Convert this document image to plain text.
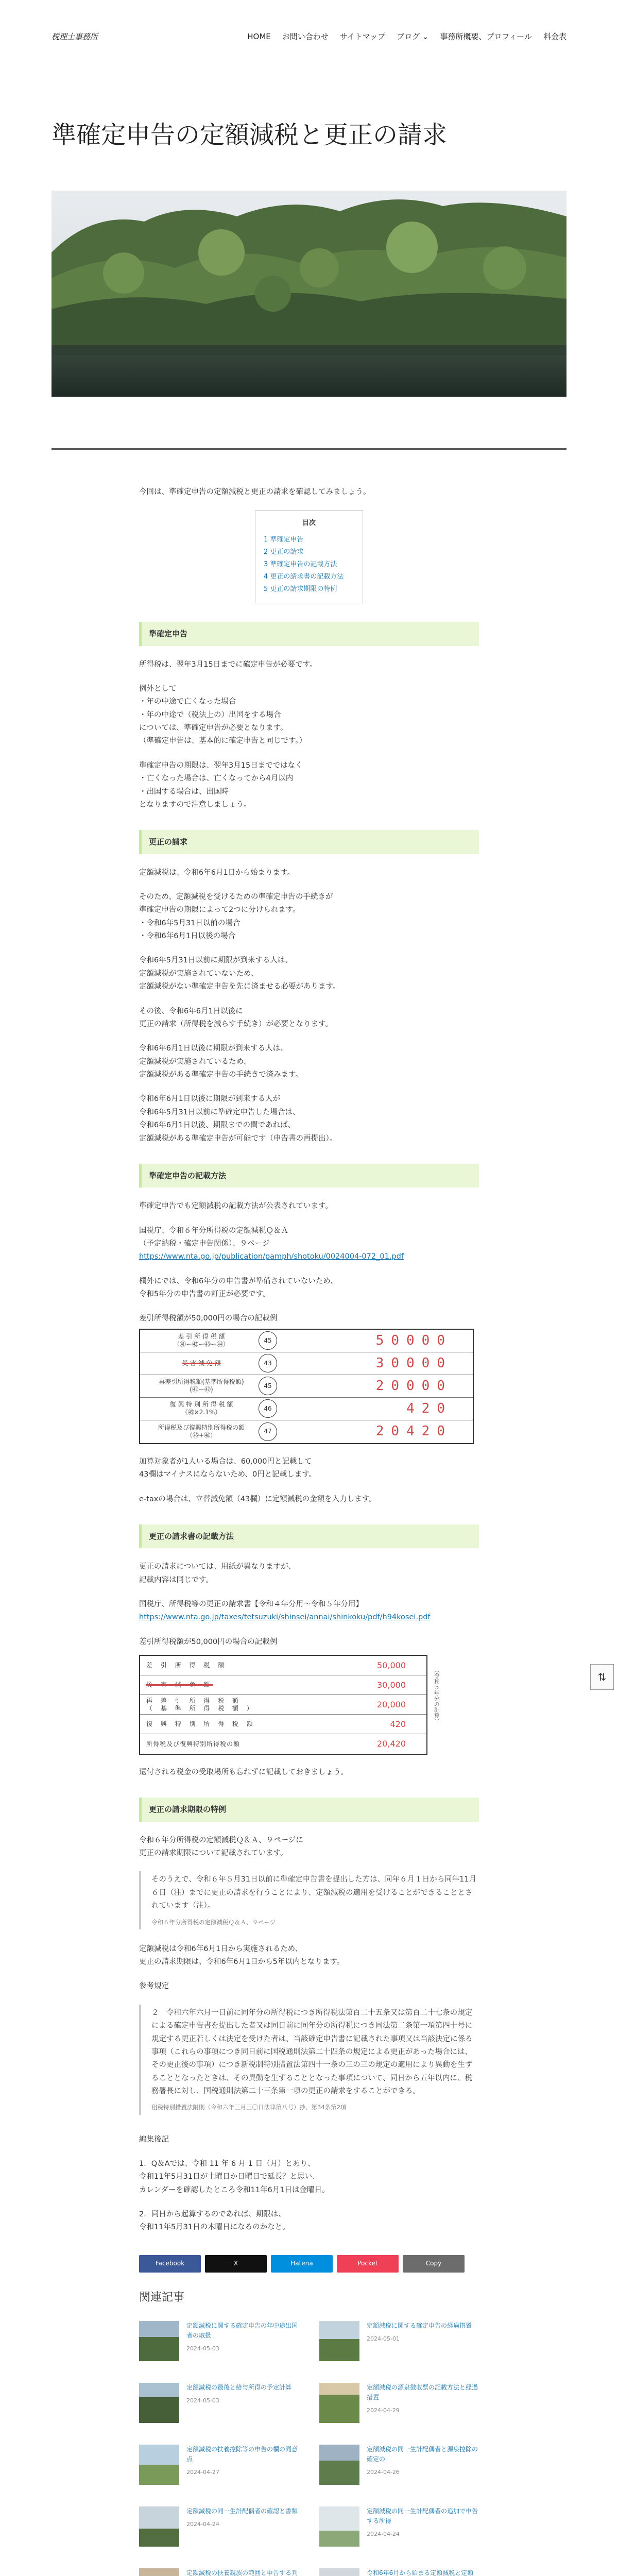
税理士事務所	HOME お問い合わせ サイトマップ ブログ ⌄ 事務所概要、プロフィール 料金表
準確定申告の定額減税と更正の請求

今回は、準確定申告の定額減税と更正の請求を確認してみましょう。

目次
1 準確定申告
2 更正の請求
3 準確定申告の記載方法
4 更正の請求書の記載方法
5 更正の請求期限の特例
準確定申告

所得税は、翌年3月15日までに確定申告が必要です。

例外として
・年の中途で亡くなった場合
・年の中途で（税法上の）出国をする場合
については、準確定申告が必要となります。
（準確定申告は、基本的に確定申告と同じです。）

準確定申告の期限は、翌年3月15日までではなく
・亡くなった場合は、亡くなってから4月以内
・出国する場合は、出国時
となりますので注意しましょう。

更正の請求

定額減税は、令和6年6月1日から始まります。

そのため、定額減税を受けるための準確定申告の手続きが
準確定申告の期限によって2つに分けられます。
・令和6年5月31日以前の場合
・令和6年6月1日以後の場合

令和6年5月31日以前に期限が到来する人は、
定額減税が実施されていないため、
定額減税がない準確定申告を先に済ませる必要があります。

その後、令和6年6月1日以後に
更正の請求（所得税を減らす手続き）が必要となります。

令和6年6月1日以後に期限が到来する人は、
定額減税が実施されているため、
定額減税がある準確定申告の手続きで済みます。

令和6年6月1日以後に期限が到来する人が
令和6年5月31日以前に準確定申告した場合は、
令和6年6月1日以後、期限までの間であれば、
定額減税がある準確定申告が可能です（申告書の再提出）。

準確定申告の記載方法

準確定申告でも定額減税の記載方法が公表されています。

国税庁、令和６年分所得税の定額減税Ｑ＆Ａ
（予定納税・確定申告関係）、９ページ
https://www.nta.go.jp/publication/pamph/shotoku/0024004-072_01.pdf

欄外にでは、令和6年分の申告書が準備されていないため、
令和5年分の申告書の訂正が必要です。

差引所得税額が50,000円の場合の記載例

差 引 所 得 税 額
（㊶ー㊷ー㊸ー㊹）
45	50000
災 害 減 免 額	43	30000
再差引所得税額(基準所得税額)
(㊶ー㊷)
45	20000
復 興 特 別 所 得 税 額
（㊺×2.1%）
46	420
所得税及び復興特別所得税の額
（㊺+㊻）
47	20420

加算対象者が1人いる場合は、60,000円と記載して
43欄はマイナスにならないため、0円と記載します。

e-taxの場合は、立替減免額（43欄）に定額減税の金額を入力します。

更正の請求書の記載方法

更正の請求については、用紙が異なりますが、
記載内容は同じです。

国税庁、所得税等の更正の請求書【令和４年分用～令和５年分用】
https://www.nta.go.jp/taxes/tetsuzuki/shinsei/annai/shinkoku/pdf/h94kosei.pdf

差引所得税額が50,000円の場合の記載例

差 引 所 得 税 額	50,000
災 害 減 免 額	30,000
再 差 引 所 得 税 額
（ 基 準 所 得 税 額 ）	20,000
復 興 特 別 所 得 税 額	420
所得税及び復興特別所得税の額	20,420
（令和５年分の計算）

還付される税金の受取場所も忘れずに記載しておきましょう。

更正の請求期限の特例

令和６年分所得税の定額減税Ｑ＆Ａ、９ページに
更正の請求期限について記載されています。

そのうえで、令和６年５月31日以前に準確定申告書を提出した方は、同年６月１日から同年11月６日（注）までに更正の請求を行うことにより、定額減税の適用を受けることができることとされています（注）。
令和６年分所得税の定額減税Ｑ＆Ａ、９ページ

定額減税は令和6年6月1日から実施されるため、
更正の請求期限は、令和6年6月1日から5年以内となります。

参考規定

２　令和六年六月一日前に同年分の所得税につき所得税法第百二十五条又は第百二十七条の規定による確定申告書を提出した者又は同日前に同年分の所得税につき同法第二条第一項第四十号に規定する更正若しくは決定を受けた者は、当該確定申告書に記載された事項又は当該決定に係る事項（これらの事項につき同日前に国税通則法第二十四条の規定による更正があった場合には、その更正後の事項）につき新税制特別措置法第四十一条の三の三の規定の適用により異動を生ずることとなったときは、その異動を生ずることとなった事項について、同日から五年以内に、税務署長に対し、国税通則法第二十三条第一項の更正の請求をすることができる。
租税特別措置法附則（令和六年三月三〇日法律第八号）抄、第34条第2項

編集後記

1．Q＆Aでは、令和 11 年 6 月 1 日（月）とあり、
令和11年5月31日が土曜日か日曜日で延長？と思い、
カレンダーを確認したところ令和11年6月1日は金曜日。

2．同日から起算するのであれば、期限は、
令和11年5月31日の木曜日になるのかなと。

Facebook	X	Hatena	Pocket	Copy
関連記事
定額減税に関する確定申告の年中途出国者の取扱
2024-05-03
定額減税に関する確定申告の経過措置
2024-05-01
定額減税の最後と給与所得の予定計算
2024-05-03
定額減税の源泉徴収票の記載方法と経過措置
2024-04-29
定額減税の扶養控除等の申告の欄の同意点
2024-04-27
定額減税の同一生計配偶者と源泉控除の確定の
2024-04-26
定額減税の同一生計配偶者の確認と書類
2024-04-24
定額減税の同一生計配偶者の追加で申告する所得
2024-04-24
定額減税の扶養親族の範囲と申告する判	令和6年6月から始まる定額減税と定額
⇅
